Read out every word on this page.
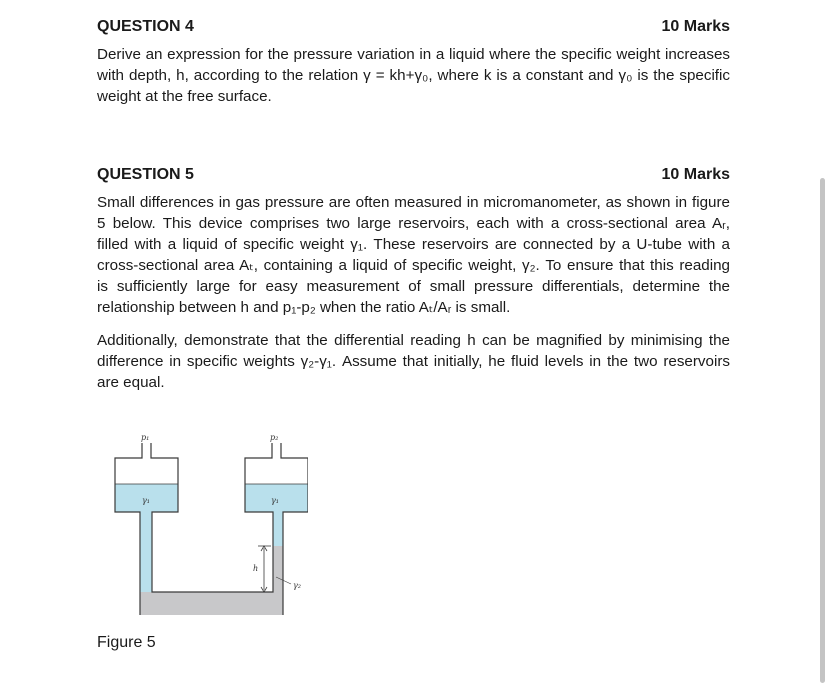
QUESTION 4	10 Marks

Derive an expression for the pressure variation in a liquid where the specific weight increases
with depth, h, according to the relation γ = kh+γ₀, where k is a constant and γ₀ is the specific
weight at the free surface.

QUESTION 5	10 Marks

Small differences in gas pressure are often measured in micromanometer, as shown in figure
5 below. This device comprises two large reservoirs, each with a cross-sectional area Aᵣ,
filled with a liquid of specific weight γ₁. These reservoirs are connected by a U-tube with a
cross-sectional area Aₜ, containing a liquid of specific weight, γ₂. To ensure that this reading
is sufficiently large for easy measurement of small pressure differentials, determine the
relationship between h and p₁-p₂ when the ratio Aₜ/Aᵣ is small.

Additionally, demonstrate that the differential reading h can be magnified by minimising the
difference in specific weights γ₂-γ₁. Assume that initially, he fluid levels in the two reservoirs
are equal.

p₁	p₂
γ₁	γ₁
h
γ₂
Figure 5
